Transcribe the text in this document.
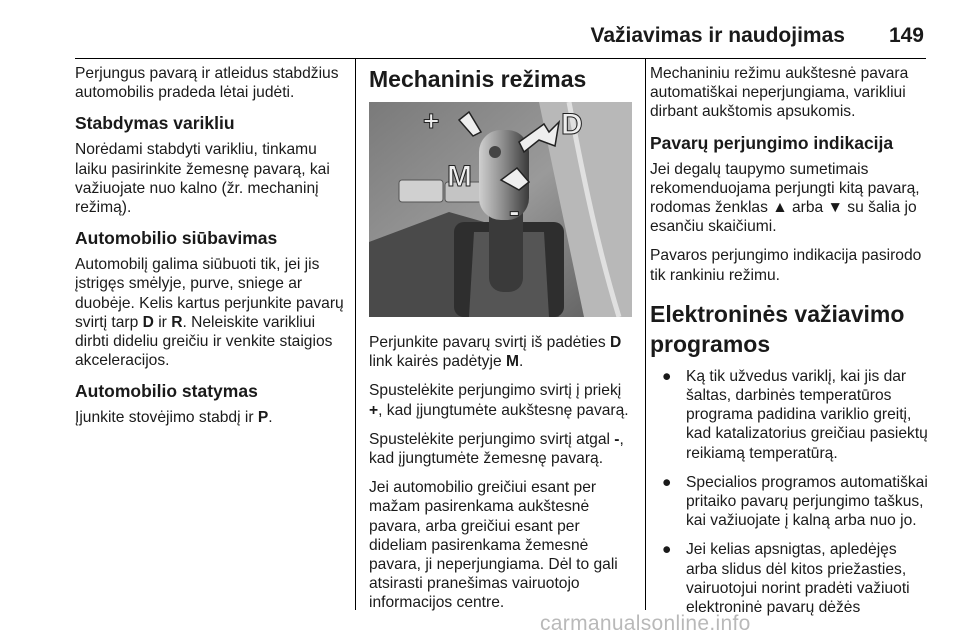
Važiavimas ir naudojimas 149

Perjungus pavarą ir atleidus stabdžius automobilis pradeda lėtai judėti.

Stabdymas varikliu

Norėdami stabdyti varikliu, tinkamu laiku pasirinkite žemesnę pavarą, kai važiuojate nuo kalno (žr. mechaninį režimą).

Automobilio siūbavimas

Automobilį galima siūbuoti tik, jei jis įstrigęs smėlyje, purve, sniege ar duobėje. Kelis kartus perjunkite pavarų svirtį tarp D ir R. Neleiskite varikliui dirbti dideliu greičiu ir venkite staigios akceleracijos.

Automobilio statymas

Įjunkite stovėjimo stabdį ir P.

Mechaninis režimas
+	D
M
-

Perjunkite pavarų svirtį iš padėties D link kairės padėtyje M.

Spustelėkite perjungimo svirtį į priekį +, kad įjungtumėte aukštesnę pavarą.

Spustelėkite perjungimo svirtį atgal -, kad įjungtumėte žemesnę pavarą.

Jei automobilio greičiui esant per mažam pasirenkama aukštesnė pavara, arba greičiui esant per dideliam pasirenkama žemesnė pavara, ji neperjungiama. Dėl to gali atsirasti pranešimas vairuotojo informacijos centre.

Mechaniniu režimu aukštesnė pavara automatiškai neperjungiama, varikliui dirbant aukštomis apsukomis.

Pavarų perjungimo indikacija

Jei degalų taupymo sumetimais rekomenduojama perjungti kitą pavarą, rodomas ženklas ▲ arba ▼ su šalia jo esančiu skaičiumi.

Pavaros perjungimo indikacija pasirodo tik rankiniu režimu.

Elektroninės važiavimo programos
● Ką tik užvedus variklį, kai jis dar šaltas, darbinės temperatūros programa padidina variklio greitį, kad katalizatorius greičiau pasiektų reikiamą temperatūrą.
● Specialios programos automatiškai pritaiko pavarų perjungimo taškus, kai važiuojate į kalną arba nuo jo.
● Jei kelias apsnigtas, apledėjęs arba slidus dėl kitos priežasties, vairuotojui norint pradėti važiuoti elektroninė pavarų dėžės
carmanualsonline.info
